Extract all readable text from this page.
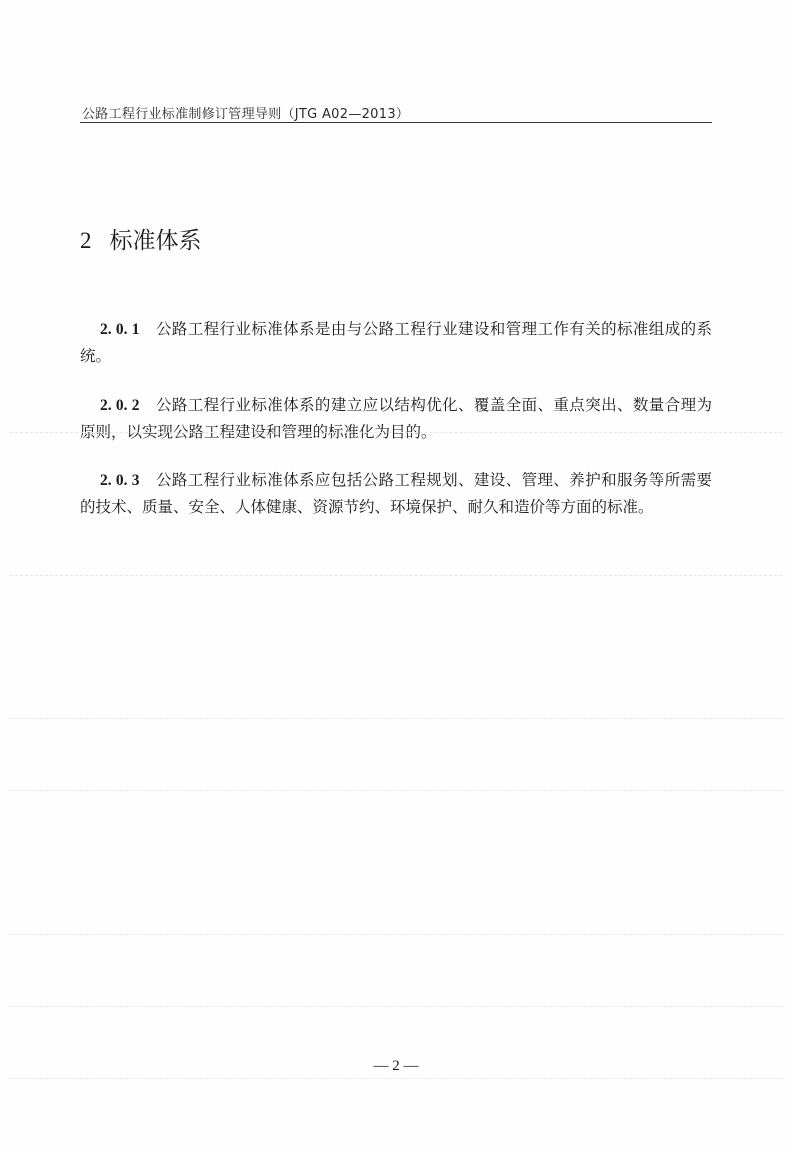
公路工程行业标准制修订管理导则（JTG A02—2013）
2 标准体系
2. 0. 1 公路工程行业标准体系是由与公路工程行业建设和管理工作有关的标准组成的系统。
2. 0. 2 公路工程行业标准体系的建立应以结构优化、覆盖全面、重点突出、数量合理为原则，以实现公路工程建设和管理的标准化为目的。
2. 0. 3 公路工程行业标准体系应包括公路工程规划、建设、管理、养护和服务等所需要的技术、质量、安全、人体健康、资源节约、环境保护、耐久和造价等方面的标准。
— 2 —
